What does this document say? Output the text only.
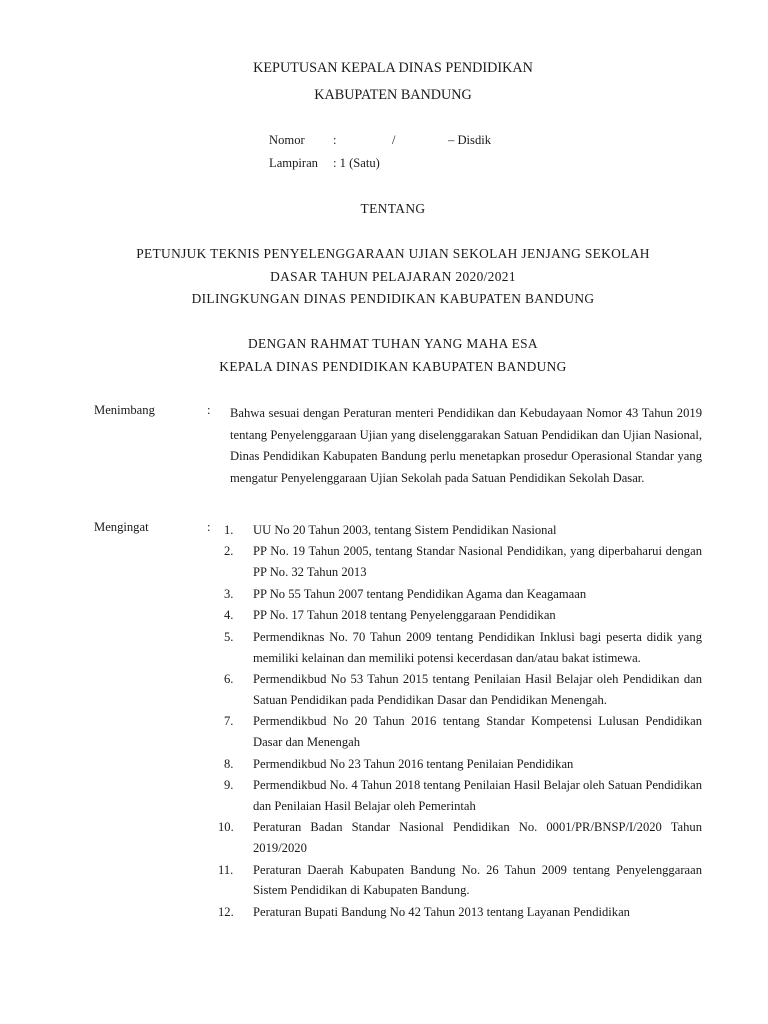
KEPUTUSAN KEPALA DINAS PENDIDIKAN

KABUPATEN BANDUNG

Nomor :	/	– Disdik
Lampiran : 1 (Satu)

TENTANG

PETUNJUK TEKNIS PENYELENGGARAAN UJIAN SEKOLAH JENJANG SEKOLAH

DASAR TAHUN PELAJARAN 2020/2021

DILINGKUNGAN DINAS PENDIDIKAN KABUPATEN BANDUNG

DENGAN RAHMAT TUHAN YANG MAHA ESA

KEPALA DINAS PENDIDIKAN KABUPATEN BANDUNG

Menimbang	: Bahwa sesuai dengan Peraturan menteri Pendidikan dan Kebudayaan Nomor 43 Tahun 2019 tentang Penyelenggaraan Ujian yang diselenggarakan Satuan Pendidikan dan Ujian Nasional, Dinas Pendidikan Kabupaten Bandung perlu menetapkan prosedur Operasional Standar yang mengatur Penyelenggaraan Ujian Sekolah pada Satuan Pendidikan Sekolah Dasar.
Mengingat	: 1.	UU No 20 Tahun 2003, tentang Sistem Pendidikan Nasional
2.	PP No. 19 Tahun 2005, tentang Standar Nasional Pendidikan, yang diperbaharui dengan PP No. 32 Tahun 2013
3.	PP No 55 Tahun 2007 tentang Pendidikan Agama dan Keagamaan
4.	PP No. 17 Tahun 2018 tentang Penyelenggaraan Pendidikan
5.	Permendiknas No. 70 Tahun 2009 tentang Pendidikan Inklusi bagi peserta didik yang memiliki kelainan dan memiliki potensi kecerdasan dan/atau bakat istimewa.
6.	Permendikbud No 53 Tahun 2015 tentang Penilaian Hasil Belajar oleh Pendidikan dan Satuan Pendidikan pada Pendidikan Dasar dan Pendidikan Menengah.
7.	Permendikbud No 20 Tahun 2016 tentang Standar Kompetensi Lulusan Pendidikan Dasar dan Menengah
8.	Permendikbud No 23 Tahun 2016 tentang Penilaian Pendidikan
9.	Permendikbud No. 4 Tahun 2018 tentang Penilaian Hasil Belajar oleh Satuan Pendidikan dan Penilaian Hasil Belajar oleh Pemerintah
10.	Peraturan Badan Standar Nasional Pendidikan No. 0001/PR/BNSP/I/2020 Tahun 2019/2020
11.	Peraturan Daerah Kabupaten Bandung No. 26 Tahun 2009 tentang Penyelenggaraan Sistem Pendidikan di Kabupaten Bandung.
12.	Peraturan Bupati Bandung No 42 Tahun 2013 tentang Layanan Pendidikan
